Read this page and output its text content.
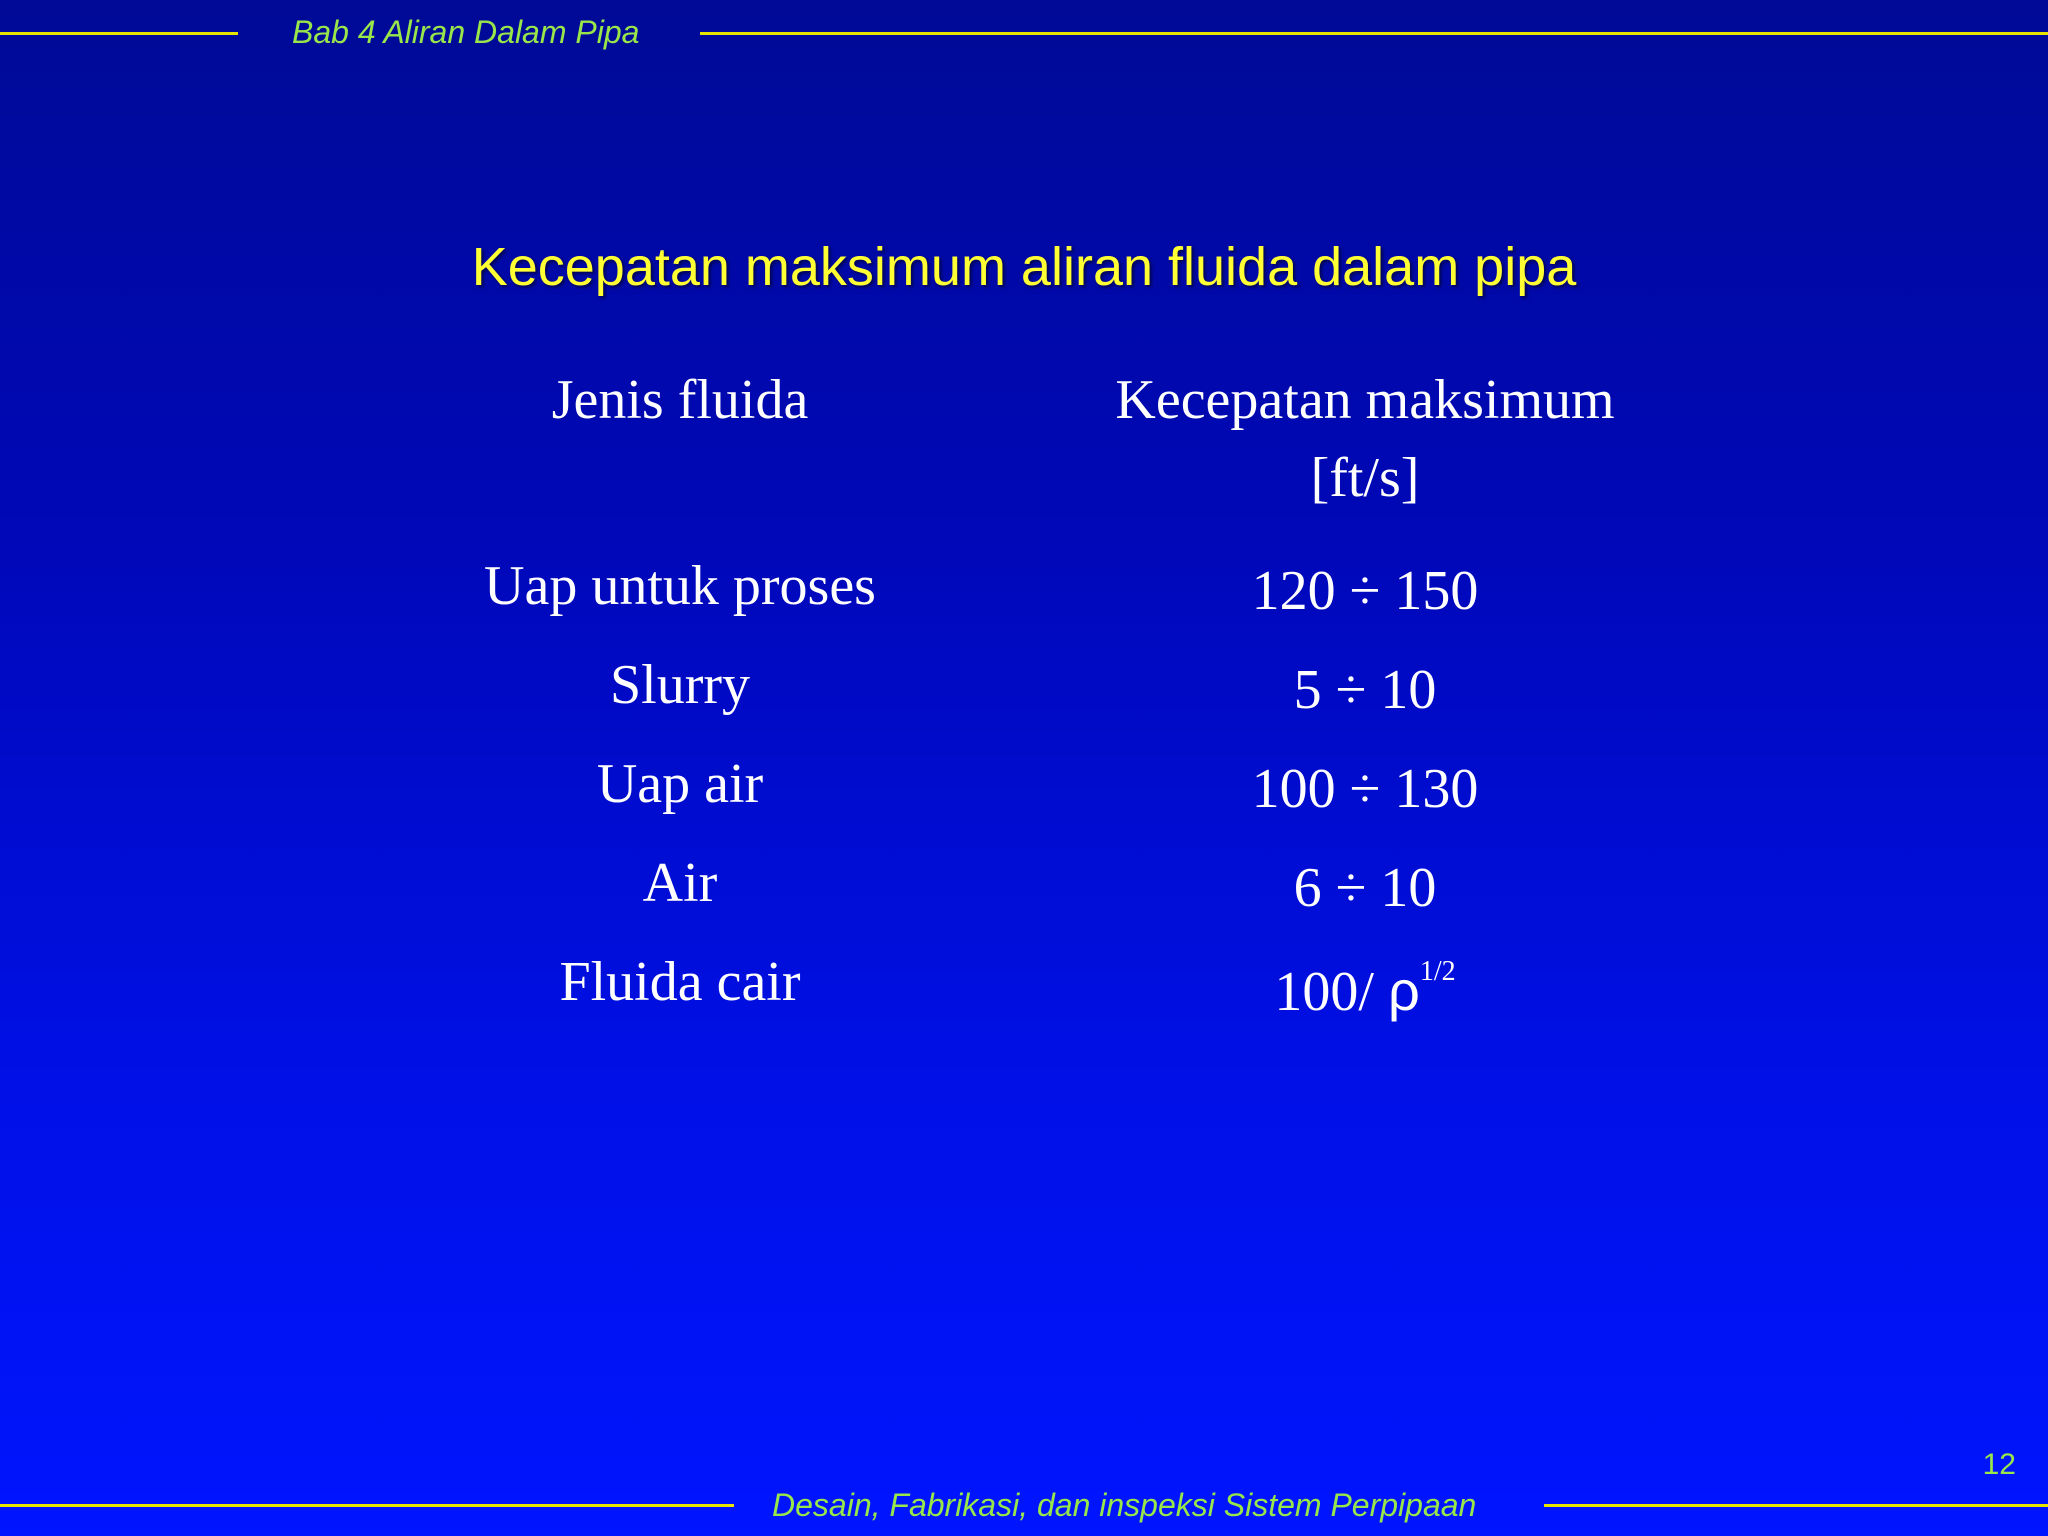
Bab 4 Aliran Dalam Pipa
Kecepatan maksimum aliran fluida dalam pipa
Jenis fluida	Kecepatan maksimum
[ft/s]
Uap untuk proses	120 ÷ 150
Slurry	5 ÷ 10
Uap air	100 ÷ 130
Air	6 ÷ 10
Fluida cair	100/ $\rho^{1/2}$
12
Desain, Fabrikasi, dan inspeksi Sistem Perpipaan
